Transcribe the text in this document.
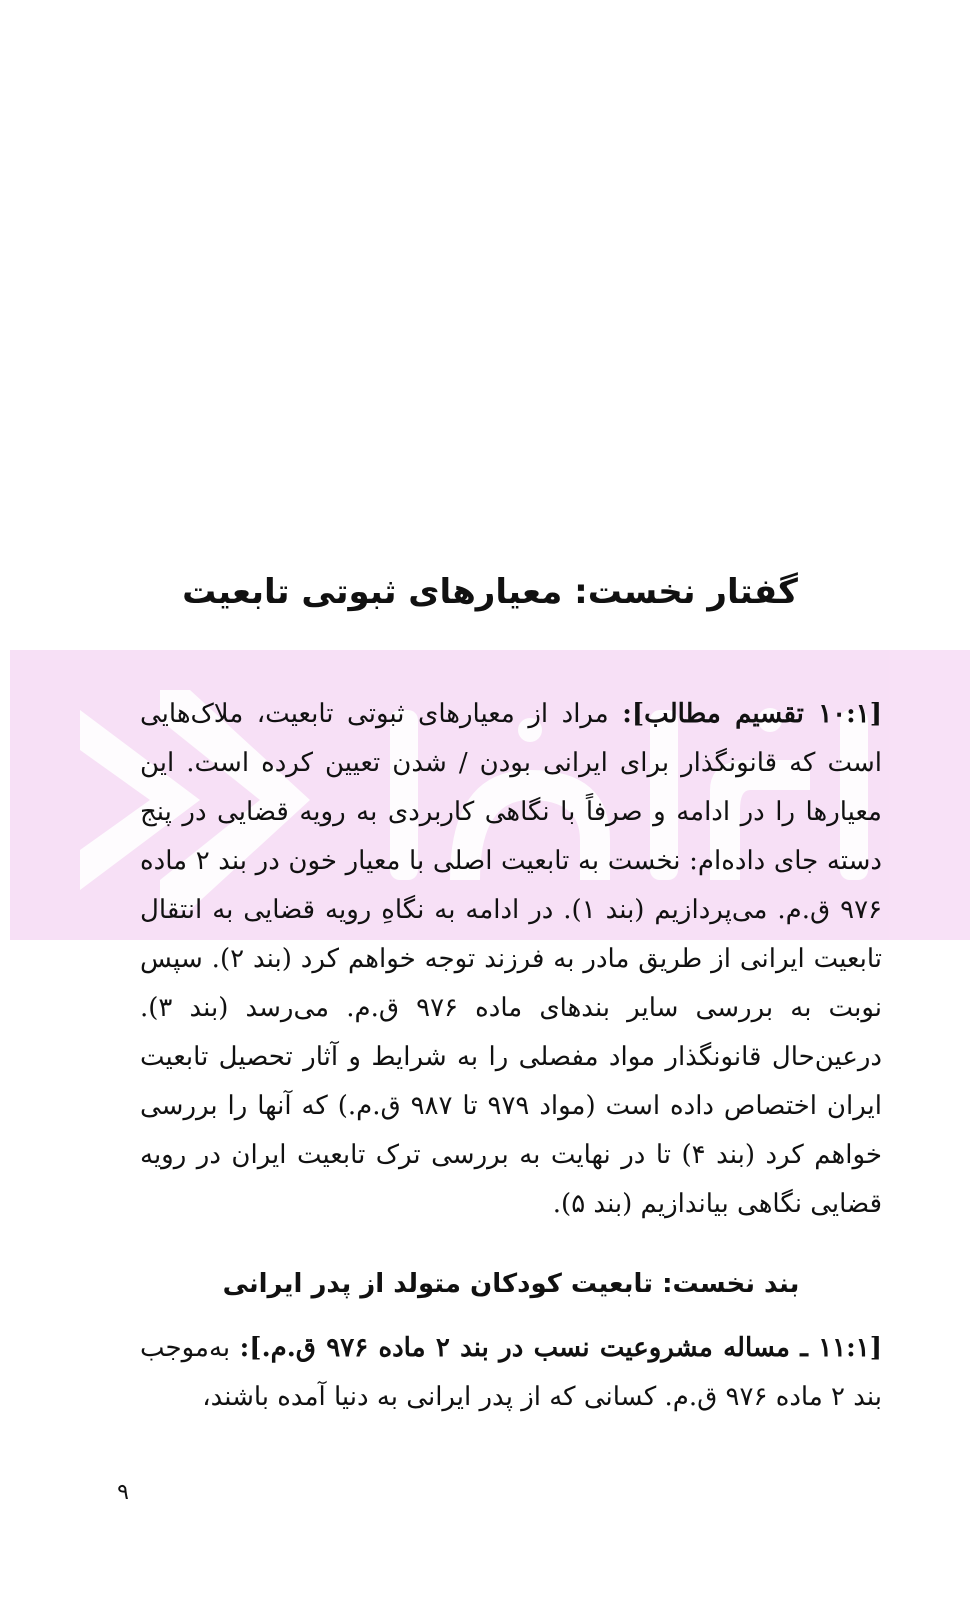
گفتار نخست: معیارهای ثبوتی تابعیت

[۱۰:۱ تقسیم مطالب]: مراد از معیارهای ثبوتی تابعیت، ملاک‌هایی است که قانونگذار برای ایرانی بودن / شدن تعیین کرده است. این معیارها را در ادامه و صرفاً با نگاهی کاربردی به رویه قضایی در پنج دسته جای داده‌ام: نخست به تابعیت اصلی با معیار خون در بند ۲ ماده ۹۷۶ ق.م. می‌پردازیم (بند ۱). در ادامه به نگاهِ رویه قضایی به انتقال تابعیت ایرانی از طریق مادر به فرزند توجه خواهم کرد (بند ۲). سپس نوبت به بررسی سایر بندهای ماده ۹۷۶ ق.م. می‌رسد (بند ۳). درعین‌حال قانونگذار مواد مفصلی را به شرایط و آثار تحصیل تابعیت ایران اختصاص داده است (مواد ۹۷۹ تا ۹۸۷ ق.م.) که آنها را بررسی خواهم کرد (بند ۴) تا در نهایت به بررسی ترک تابعیت ایران در رویه قضایی نگاهی بیاندازیم (بند ۵).

بند نخست: تابعیت کودکان متولد از پدر ایرانی

[۱۱:۱ ـ مساله مشروعیت نسب در بند ۲ ماده ۹۷۶ ق.م.]: به‌موجب بند ۲ ماده ۹۷۶ ق.م. کسانی که از پدر ایرانی به دنیا آمده باشند،

۹
